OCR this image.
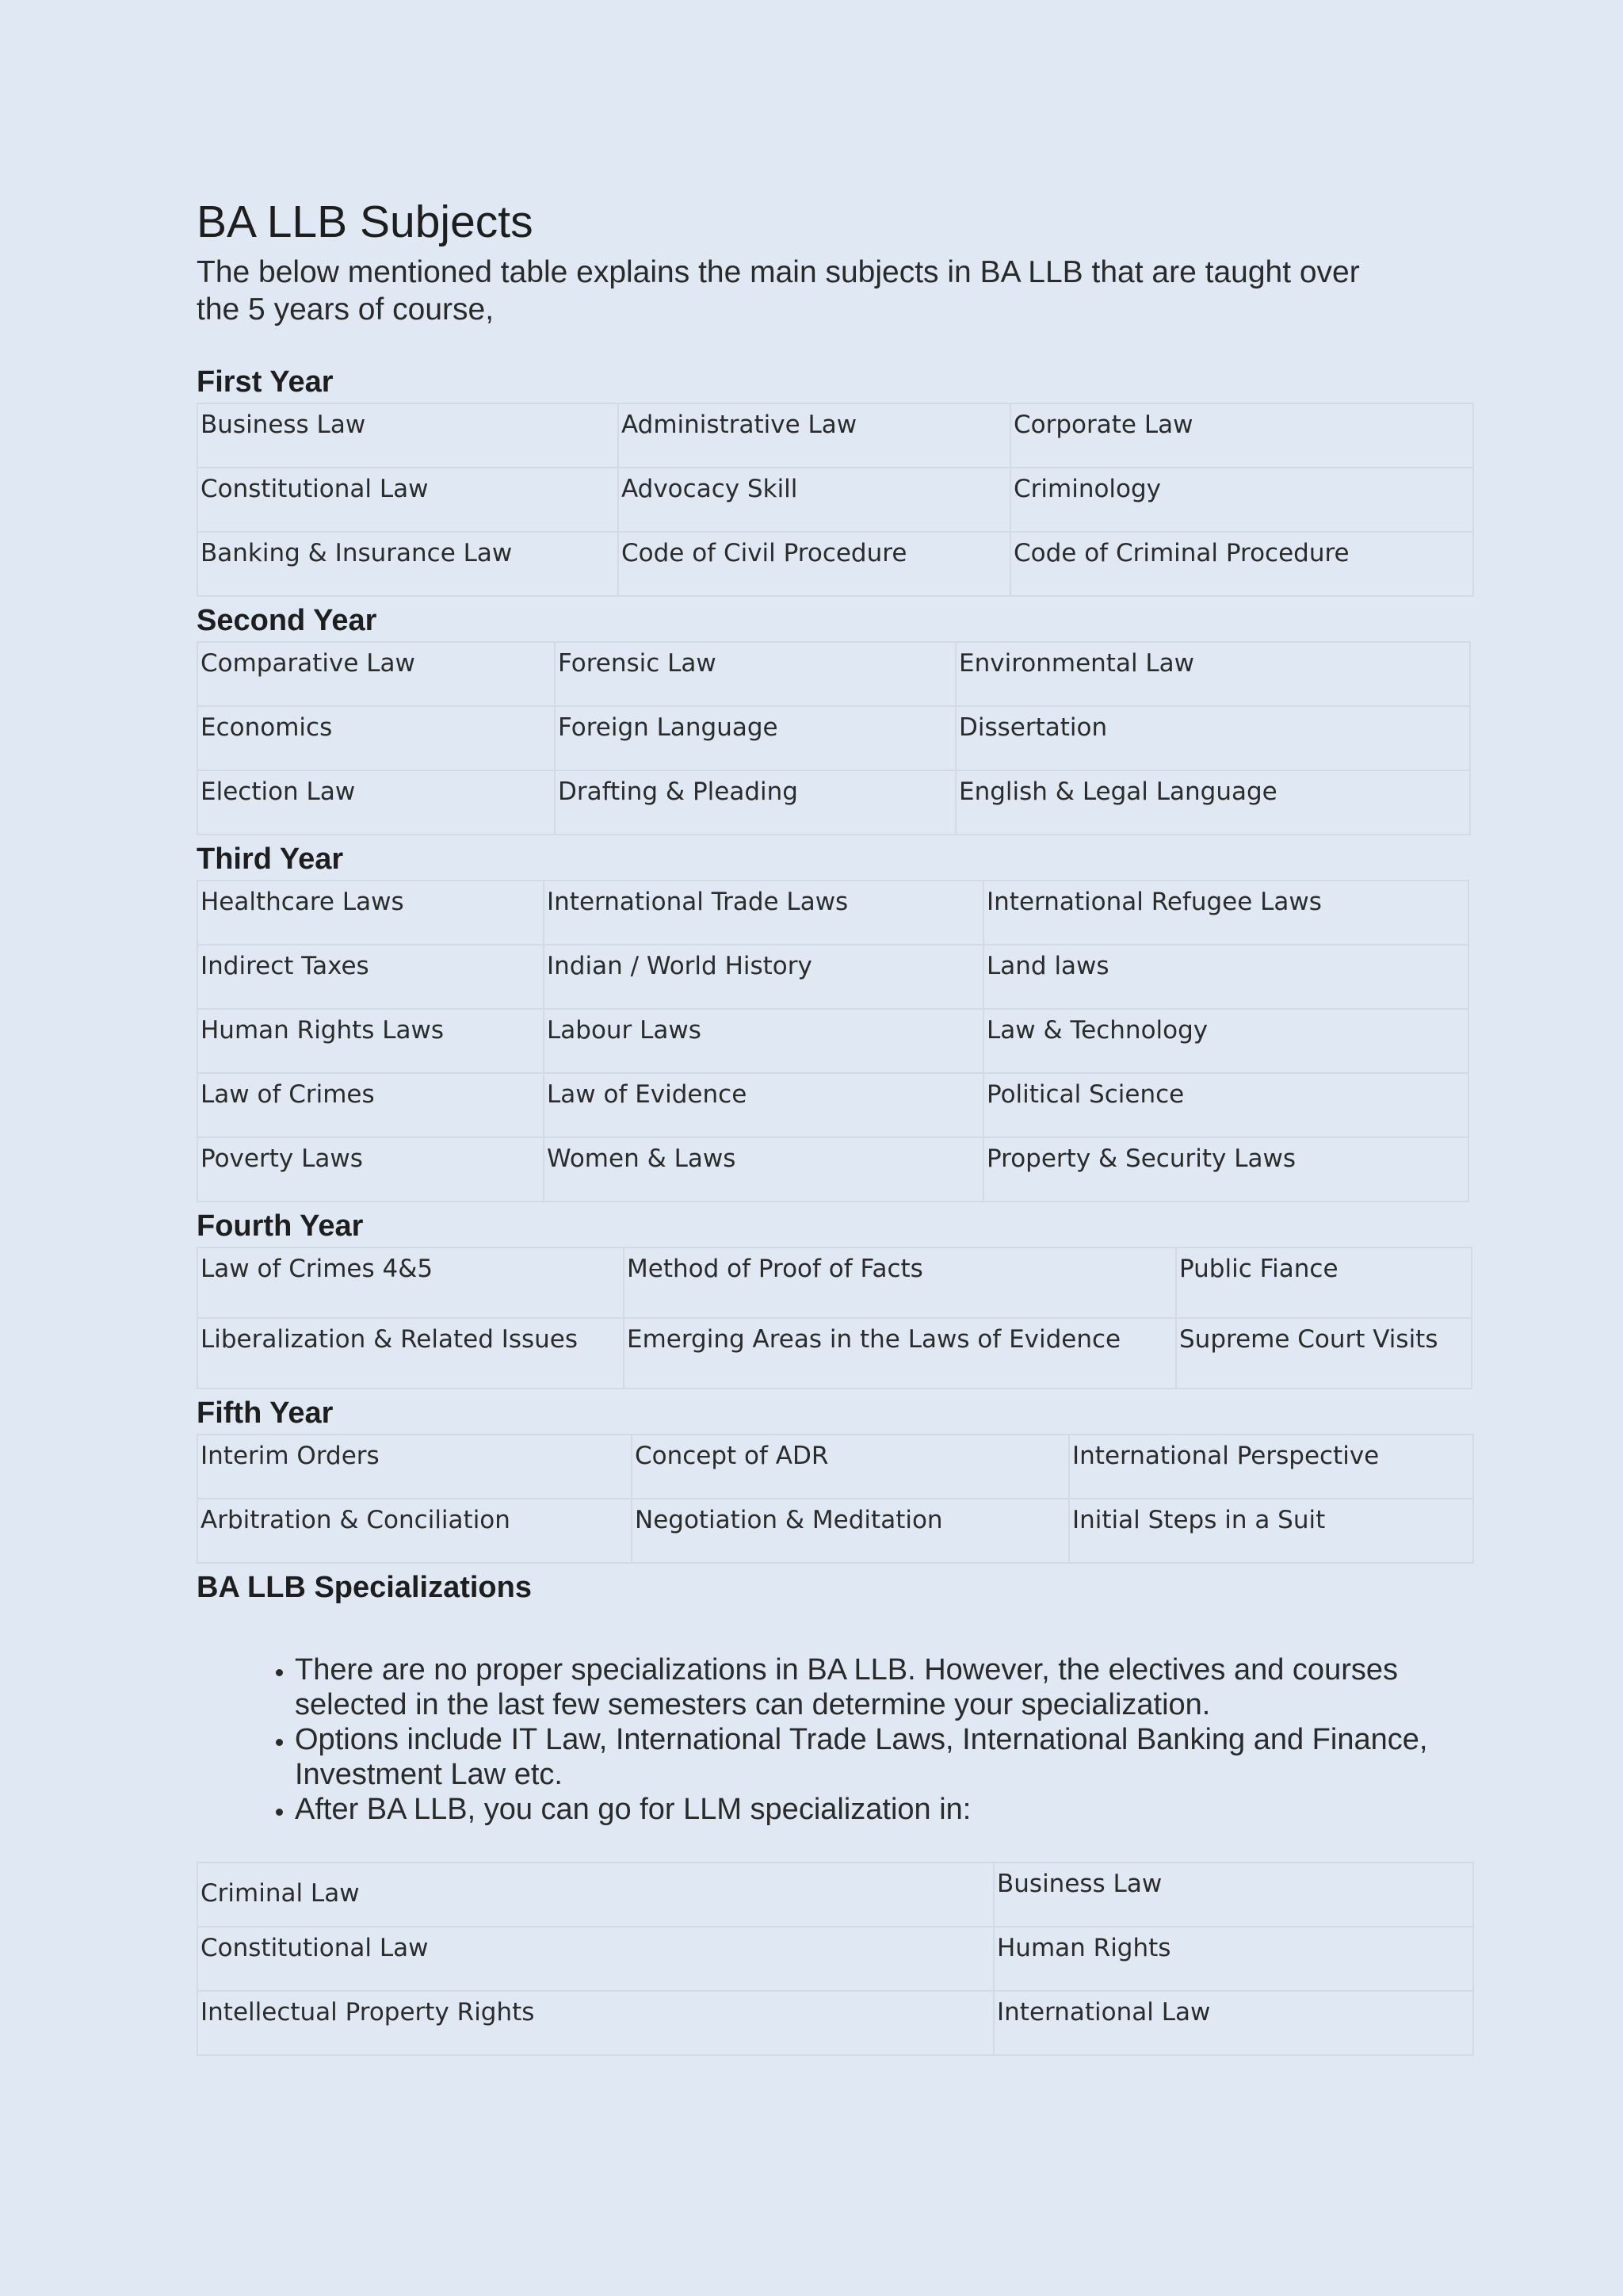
BA LLB Subjects

The below mentioned table explains the main subjects in BA LLB that are taught over the 5 years of course,

First Year
Business Law	Administrative Law	Corporate Law
Constitutional Law	Advocacy Skill	Criminology
Banking & Insurance Law	Code of Civil Procedure	Code of Criminal Procedure
Second Year
Comparative Law	Forensic Law	Environmental Law
Economics	Foreign Language	Dissertation
Election Law	Drafting & Pleading	English & Legal Language
Third Year
Healthcare Laws	International Trade Laws	International Refugee Laws
Indirect Taxes	Indian / World History	Land laws
Human Rights Laws	Labour Laws	Law & Technology
Law of Crimes	Law of Evidence	Political Science
Poverty Laws	Women & Laws	Property & Security Laws
Fourth Year
Law of Crimes 4&5	Method of Proof of Facts	Public Fiance
Liberalization & Related Issues	Emerging Areas in the Laws of Evidence	Supreme Court Visits
Fifth Year
Interim Orders	Concept of ADR	International Perspective
Arbitration & Conciliation	Negotiation & Meditation	Initial Steps in a Suit
BA LLB Specializations
• There are no proper specializations in BA LLB. However, the electives and courses selected in the last few semesters can determine your specialization.
• Options include IT Law, International Trade Laws, International Banking and Finance, Investment Law etc.
• After BA LLB, you can go for LLM specialization in:
Criminal Law	Business Law
Constitutional Law	Human Rights
Intellectual Property Rights	International Law
